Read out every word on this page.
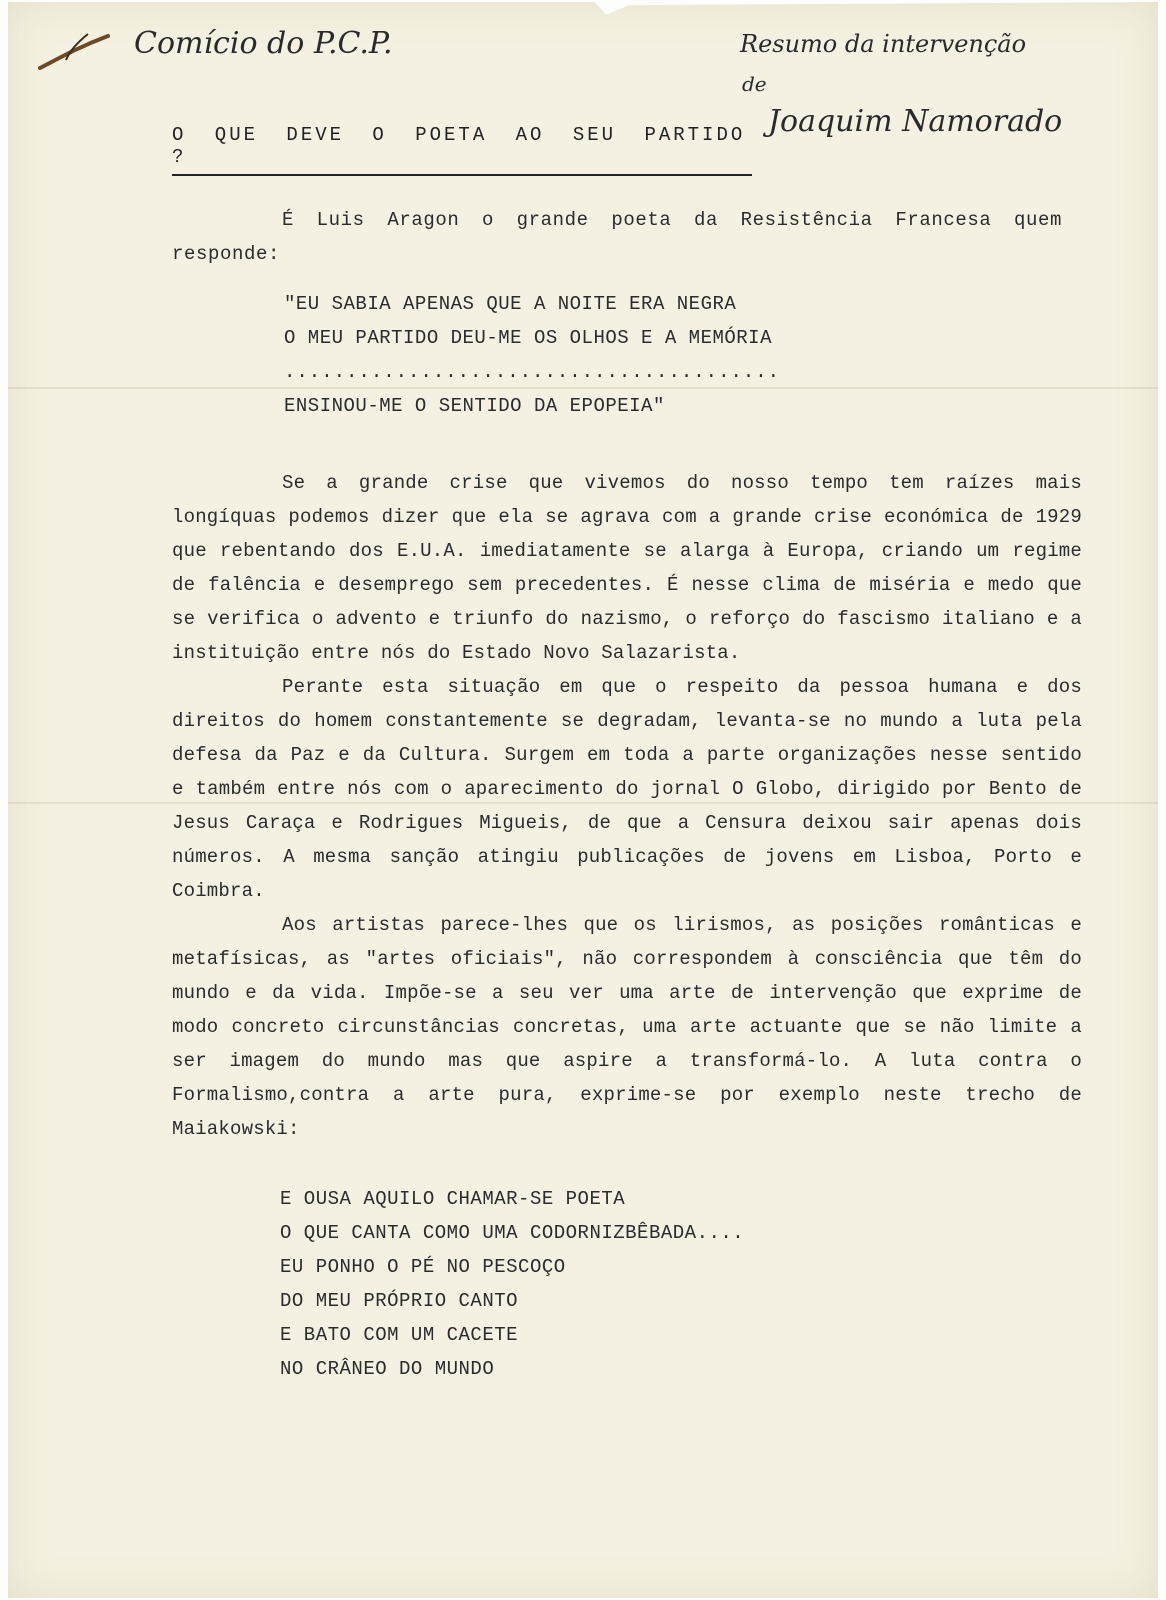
Comício do P.C.P.	Resumo da intervenção
de
Joaquim Namorado
O QUE DEVE O POETA AO SEU PARTIDO ?
É Luis Aragon o grande poeta da Resistência Francesa quem responde:
"EU SABIA APENAS QUE A NOITE ERA NEGRA
O MEU PARTIDO DEU-ME OS OLHOS E A MEMÓRIA
........................................
ENSINOU-ME O SENTIDO DA EPOPEIA"

Se a grande crise que vivemos do nosso tempo tem raízes mais longíquas podemos dizer que ela se agrava com a grande crise económica de 1929 que rebentando dos E.U.A. imediatamente se alarga à Europa, criando um regime de falência e desemprego sem precedentes. É nesse clima de miséria e medo que se verifica o advento e triunfo do nazismo, o reforço do fascismo italiano e a instituição entre nós do Estado Novo Salazarista.

Perante esta situação em que o respeito da pessoa humana e dos direitos do homem constantemente se degradam, levanta-se no mundo a luta pela defesa da Paz e da Cultura. Surgem em toda a parte organizações nesse sentido e também entre nós com o aparecimento do jornal O Globo, dirigido por Bento de Jesus Caraça e Rodrigues Migueis, de que a Censura deixou sair apenas dois números. A mesma sanção atingiu publicações de jovens em Lisboa, Porto e Coimbra.

Aos artistas parece-lhes que os lirismos, as posições românticas e metafísicas, as "artes oficiais", não correspondem à consciência que têm do mundo e da vida. Impõe-se a seu ver uma arte de intervenção que exprime de modo concreto circunstâncias concretas, uma arte actuante que se não limite a ser imagem do mundo mas que aspire a transformá-lo. A luta contra o Formalismo,contra a arte pura, exprime-se por exemplo neste trecho de Maiakowski:

E OUSA AQUILO CHAMAR-SE POETA
O QUE CANTA COMO UMA CODORNIZBÊBADA....
EU PONHO O PÉ NO PESCOÇO
DO MEU PRÓPRIO CANTO
E BATO COM UM CACETE
NO CRÂNEO DO MUNDO
